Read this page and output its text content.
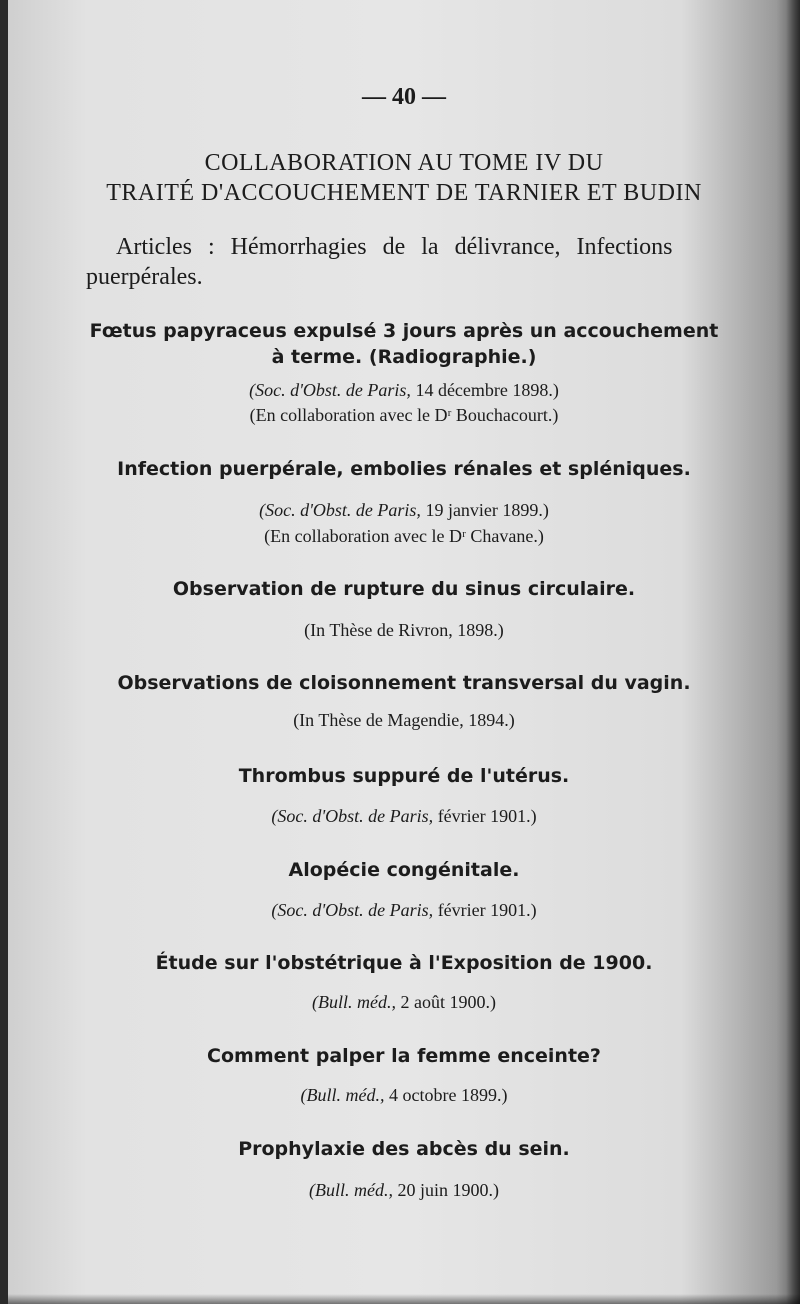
— 40 —
COLLABORATION AU TOME IV DU
TRAITÉ D'ACCOUCHEMENT DE TARNIER ET BUDIN
Articles : Hémorrhagies de la délivrance, Infections
puerpérales.
Fœtus papyraceus expulsé 3 jours après un accouchement
à terme. (Radiographie.)
(Soc. d'Obst. de Paris, 14 décembre 1898.)
(En collaboration avec le Dʳ Bouchacourt.)
Infection puerpérale, embolies rénales et spléniques.
(Soc. d'Obst. de Paris, 19 janvier 1899.)
(En collaboration avec le Dʳ Chavane.)
Observation de rupture du sinus circulaire.
(In Thèse de Rivron, 1898.)
Observations de cloisonnement transversal du vagin.
(In Thèse de Magendie, 1894.)
Thrombus suppuré de l'utérus.
(Soc. d'Obst. de Paris, février 1901.)
Alopécie congénitale.
(Soc. d'Obst. de Paris, février 1901.)
Étude sur l'obstétrique à l'Exposition de 1900.
(Bull. méd., 2 août 1900.)
Comment palper la femme enceinte?
(Bull. méd., 4 octobre 1899.)
Prophylaxie des abcès du sein.
(Bull. méd., 20 juin 1900.)
